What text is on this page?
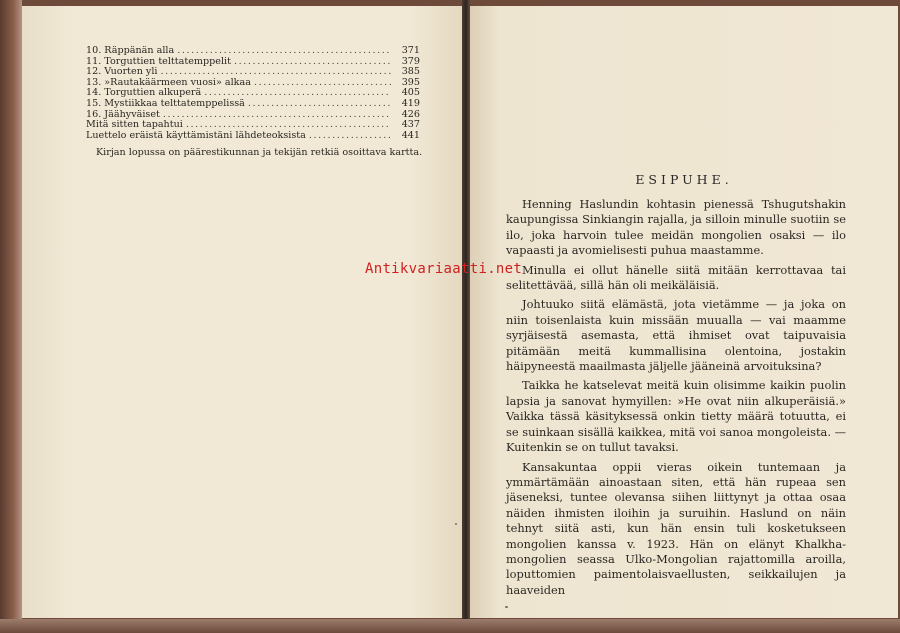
10. Räppänän alla .....	371
11. Torguttien telttatemppelit .....	379
12. Vuorten yli .....	385
13. »Rautakäärmeen vuosi» alkaa .....	395
14. Torguttien alkuperä .....	405
15. Mystiikkaa telttatemppelissä .....	419
16. Jäähyväiset .....	426
Mitä sitten tapahtui .....	437
Luettelo eräistä käyttämistäni lähdeteoksista .....	441
Kirjan lopussa on päärestikunnan ja tekijän retkiä osoittava kartta.
ESIPUHE.

Henning Haslundin kohtasin pienessä Tshugutshakin kaupungissa Sinkiangin rajalla, ja silloin minulle suotiin se ilo, joka harvoin tulee meidän mongolien osaksi — ilo vapaasti ja avomielisesti puhua maastamme.

Minulla ei ollut hänelle siitä mitään kerrottavaa tai selitettävää, sillä hän oli meikäläisiä.

Johtuuko siitä elämästä, jota vietämme — ja joka on niin toisenlaista kuin missään muualla — vai maamme syrjäisestä asemasta, että ihmiset ovat taipuvaisia pitämään meitä kummallisina olentoina, jostakin häipyneestä maailmasta jäljelle jääneinä arvoituksina?

Taikka he katselevat meitä kuin olisimme kaikin puolin lapsia ja sanovat hymyillen: »He ovat niin alkuperäisiä.» Vaikka tässä käsityksessä onkin tietty määrä totuutta, ei se suinkaan sisällä kaikkea, mitä voi sanoa mongoleista. — Kuitenkin se on tullut tavaksi.

Kansakuntaa oppii vieras oikein tuntemaan ja ymmärtämään ainoastaan siten, että hän rupeaa sen jäseneksi, tuntee olevansa siihen liittynyt ja ottaa osaa näiden ihmisten iloihin ja suruihin. Haslund on näin tehnyt siitä asti, kun hän ensin tuli kosketukseen mongolien kanssa v. 1923. Hän on elänyt Khalkha-mongolien seassa Ulko-Mongolian rajattomilla aroilla, loputtomien paimentolaisvaellusten, seikkailujen ja haaveiden

Antikvariaatti.net
